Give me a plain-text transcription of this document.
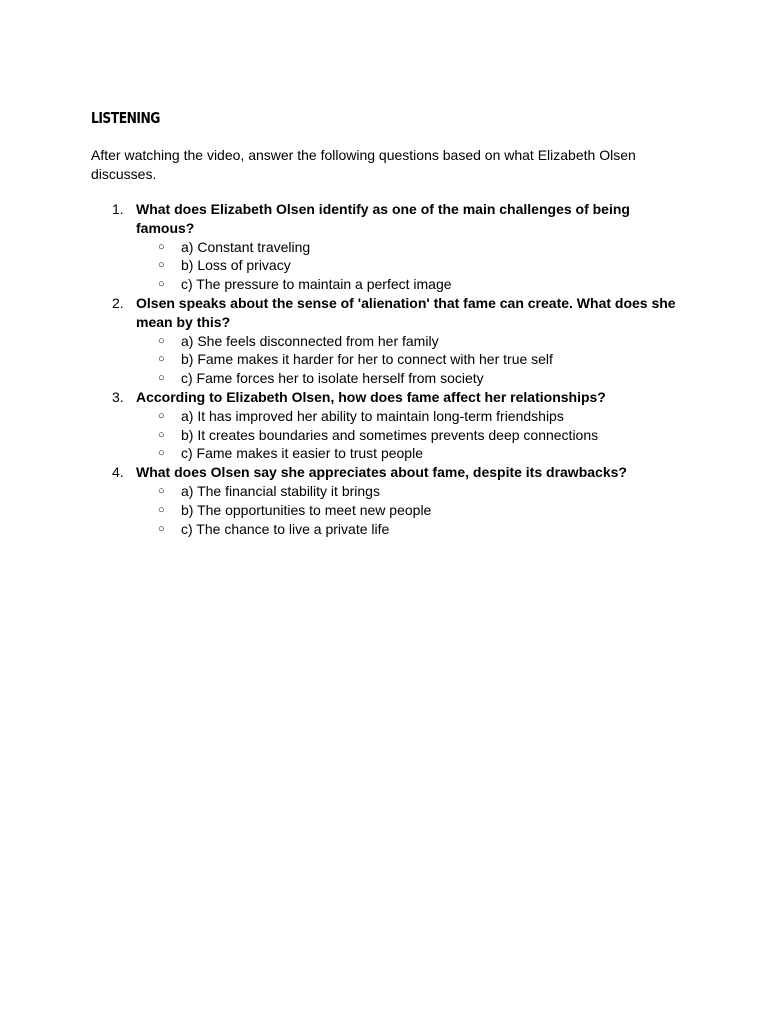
LISTENING
After watching the video, answer the following questions based on what Elizabeth Olsen discusses.
1. What does Elizabeth Olsen identify as one of the main challenges of being famous?
○ a) Constant traveling
○ b) Loss of privacy
○ c) The pressure to maintain a perfect image
2. Olsen speaks about the sense of 'alienation' that fame can create. What does she mean by this?
○ a) She feels disconnected from her family
○ b) Fame makes it harder for her to connect with her true self
○ c) Fame forces her to isolate herself from society
3. According to Elizabeth Olsen, how does fame affect her relationships?
○ a) It has improved her ability to maintain long-term friendships
○ b) It creates boundaries and sometimes prevents deep connections
○ c) Fame makes it easier to trust people
4. What does Olsen say she appreciates about fame, despite its drawbacks?
○ a) The financial stability it brings
○ b) The opportunities to meet new people
○ c) The chance to live a private life
